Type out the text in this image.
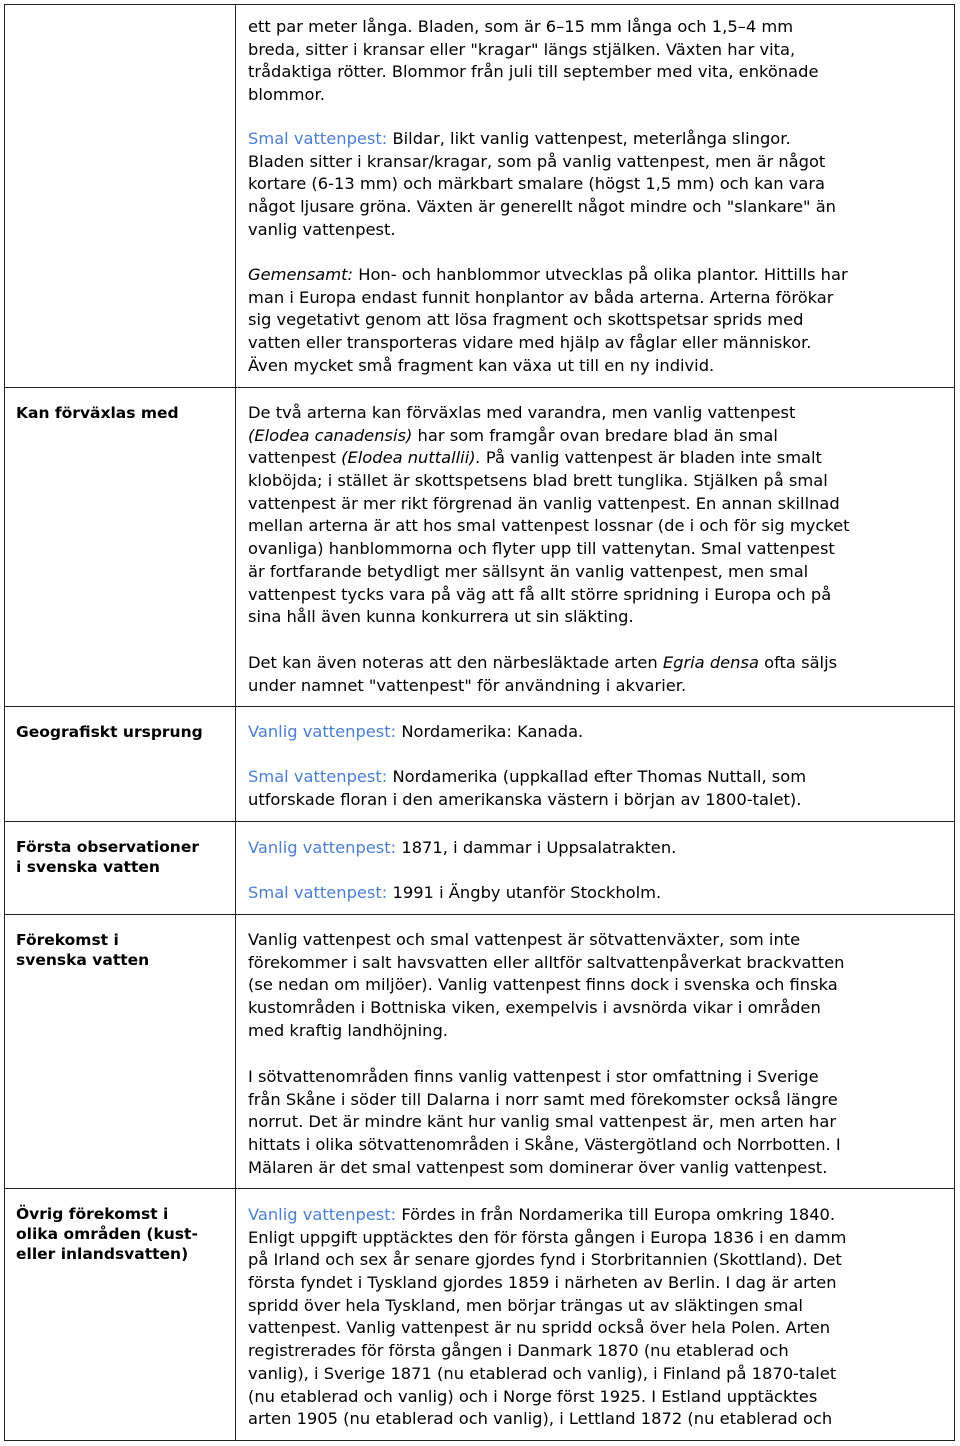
ett par meter långa. Bladen, som är 6–15 mm långa och 1,5–4 mm
breda, sitter i kransar eller "kragar" längs stjälken. Växten har vita,
trådaktiga rötter. Blommor från juli till september med vita, enkönade
blommor.
Smal vattenpest: Bildar, likt vanlig vattenpest, meterlånga slingor.
Bladen sitter i kransar/kragar, som på vanlig vattenpest, men är något
kortare (6-13 mm) och märkbart smalare (högst 1,5 mm) och kan vara
något ljusare gröna. Växten är generellt något mindre och "slankare" än
vanlig vattenpest.
Gemensamt: Hon- och hanblommor utvecklas på olika plantor. Hittills har
man i Europa endast funnit honplantor av båda arterna. Arterna förökar
sig vegetativt genom att lösa fragment och skottspetsar sprids med
vatten eller transporteras vidare med hjälp av fåglar eller människor.
Även mycket små fragment kan växa ut till en ny individ.
Kan förväxlas med	De två arterna kan förväxlas med varandra, men vanlig vattenpest
(Elodea canadensis) har som framgår ovan bredare blad än smal
vattenpest (Elodea nuttallii). På vanlig vattenpest är bladen inte smalt
kloböjda; i stället är skottspetsens blad brett tunglika. Stjälken på smal
vattenpest är mer rikt förgrenad än vanlig vattenpest. En annan skillnad
mellan arterna är att hos smal vattenpest lossnar (de i och för sig mycket
ovanliga) hanblommorna och flyter upp till vattenytan. Smal vattenpest
är fortfarande betydligt mer sällsynt än vanlig vattenpest, men smal
vattenpest tycks vara på väg att få allt större spridning i Europa och på
sina håll även kunna konkurrera ut sin släkting.
Det kan även noteras att den närbesläktade arten Egria densa ofta säljs
under namnet "vattenpest" för användning i akvarier.
Geografiskt ursprung	Vanlig vattenpest: Nordamerika: Kanada.
Smal vattenpest: Nordamerika (uppkallad efter Thomas Nuttall, som
utforskade floran i den amerikanska västern i början av 1800-talet).
Första observationer
i svenska vatten
Vanlig vattenpest: 1871, i dammar i Uppsalatrakten.
Smal vattenpest: 1991 i Ängby utanför Stockholm.
Förekomst i
svenska vatten
Vanlig vattenpest och smal vattenpest är sötvattenväxter, som inte
förekommer i salt havsvatten eller alltför saltvattenpåverkat brackvatten
(se nedan om miljöer). Vanlig vattenpest finns dock i svenska och finska
kustområden i Bottniska viken, exempelvis i avsnörda vikar i områden
med kraftig landhöjning.
I sötvattenområden finns vanlig vattenpest i stor omfattning i Sverige
från Skåne i söder till Dalarna i norr samt med förekomster också längre
norrut. Det är mindre känt hur vanlig smal vattenpest är, men arten har
hittats i olika sötvattenområden i Skåne, Västergötland och Norrbotten. I
Mälaren är det smal vattenpest som dominerar över vanlig vattenpest.
Övrig förekomst i
olika områden (kust-
eller inlandsvatten)
Vanlig vattenpest: Fördes in från Nordamerika till Europa omkring 1840.
Enligt uppgift upptäcktes den för första gången i Europa 1836 i en damm
på Irland och sex år senare gjordes fynd i Storbritannien (Skottland). Det
första fyndet i Tyskland gjordes 1859 i närheten av Berlin. I dag är arten
spridd över hela Tyskland, men börjar trängas ut av släktingen smal
vattenpest. Vanlig vattenpest är nu spridd också över hela Polen. Arten
registrerades för första gången i Danmark 1870 (nu etablerad och
vanlig), i Sverige 1871 (nu etablerad och vanlig), i Finland på 1870-talet
(nu etablerad och vanlig) och i Norge först 1925. I Estland upptäcktes
arten 1905 (nu etablerad och vanlig), i Lettland 1872 (nu etablerad och
